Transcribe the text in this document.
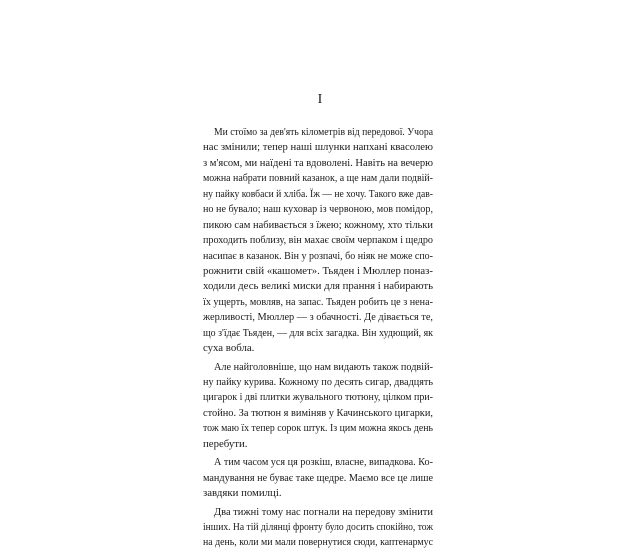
I
Ми стоїмо за дев'ять кілометрів від передової. Учора
нас змінили; тепер наші шлунки напхані квасолею
з м'ясом, ми наїдені та вдоволені. Навіть на вечерю
можна набрати повний казанок, а ще нам дали подвій-
ну пайку ковбаси й хліба. Їж — не хочу. Такого вже дав-
но не бувало; наш куховар із червоною, мов помідор,
пикою сам набивається з їжею; кожному, хто тільки
проходить поблизу, він махає своїм черпаком і щедро
насипає в казанок. Він у розпачі, бо ніяк не може спо-
рожнити свій «кашомет». Тьяден і Мюллер поназ-
ходили десь великі миски для прання і набирають
їх ущерть, мовляв, на запас. Тьяден робить це з нена-
жерливості, Мюллер — з обачності. Де дівається те,
що з'їдає Тьяден, — для всіх загадка. Він худющий, як
суха вобла.
Але найголовніше, що нам видають також подвій-
ну пайку курива. Кожному по десять сигар, двадцять
цигарок і дві плитки жувального тютюну, цілком при-
стойно. За тютюн я виміняв у Качинського цигарки,
тож маю їх тепер сорок штук. Із цим можна якось день
перебути.
А тим часом уся ця розкіш, власне, випадкова. Ко-
мандування не буває таке щедре. Маємо все це лише
завдяки помилці.
Два тижні тому нас погнали на передову змінити
інших. На тій ділянці фронту було досить спокійно, тож
на день, коли ми мали повернутися сюди, каптенармус
